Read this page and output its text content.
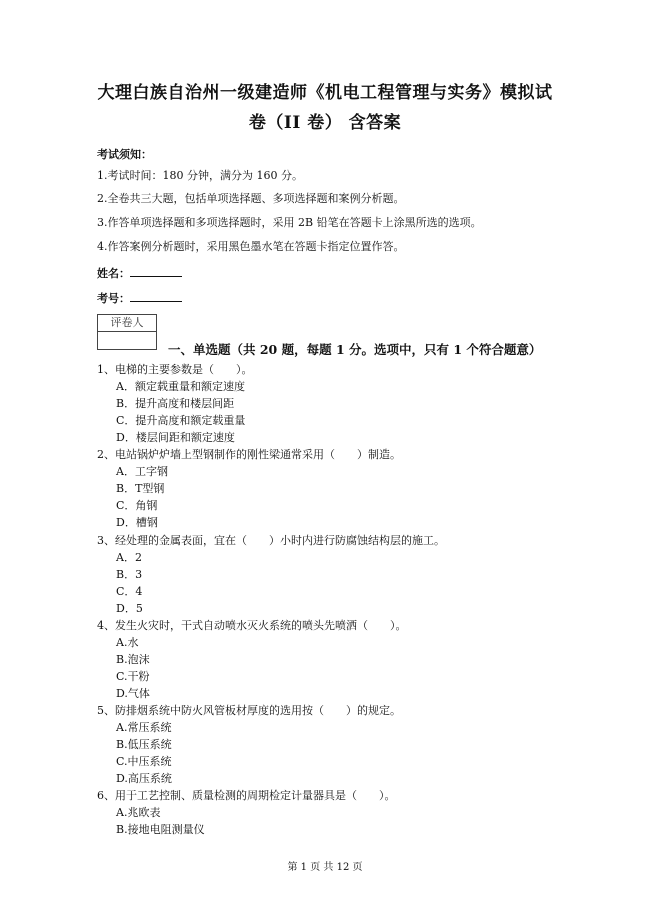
大理白族自治州一级建造师《机电工程管理与实务》模拟试
卷（II 卷） 含答案
考试须知：
1.考试时间：180 分钟，满分为 160 分。
2.全卷共三大题，包括单项选择题、多项选择题和案例分析题。
3.作答单项选择题和多项选择题时，采用 2B 铅笔在答题卡上涂黑所选的选项。
4.作答案例分析题时，采用黑色墨水笔在答题卡指定位置作答。
姓名：
考号：
评卷人
一、单选题（共 20 题，每题 1 分。选项中，只有 1 个符合题意）
1、电梯的主要参数是（　　）。
A．额定载重量和额定速度
B．提升高度和楼层间距
C．提升高度和额定载重量
D．楼层间距和额定速度
2、电站锅炉炉墙上型钢制作的刚性梁通常采用（　　）制造。
A．工字钢
B．T型钢
C．角钢
D．槽钢
3、经处理的金属表面，宜在（　　）小时内进行防腐蚀结构层的施工。
A．2
B．3
C．4
D．5
4、发生火灾时，干式自动喷水灭火系统的喷头先喷洒（　　）。
A.水
B.泡沫
C.干粉
D.气体
5、防排烟系统中防火风管板材厚度的选用按（　　）的规定。
A.常压系统
B.低压系统
C.中压系统
D.高压系统
6、用于工艺控制、质量检测的周期检定计量器具是（　　）。
A.兆欧表
B.接地电阻测量仪
第 1 页 共 12 页
